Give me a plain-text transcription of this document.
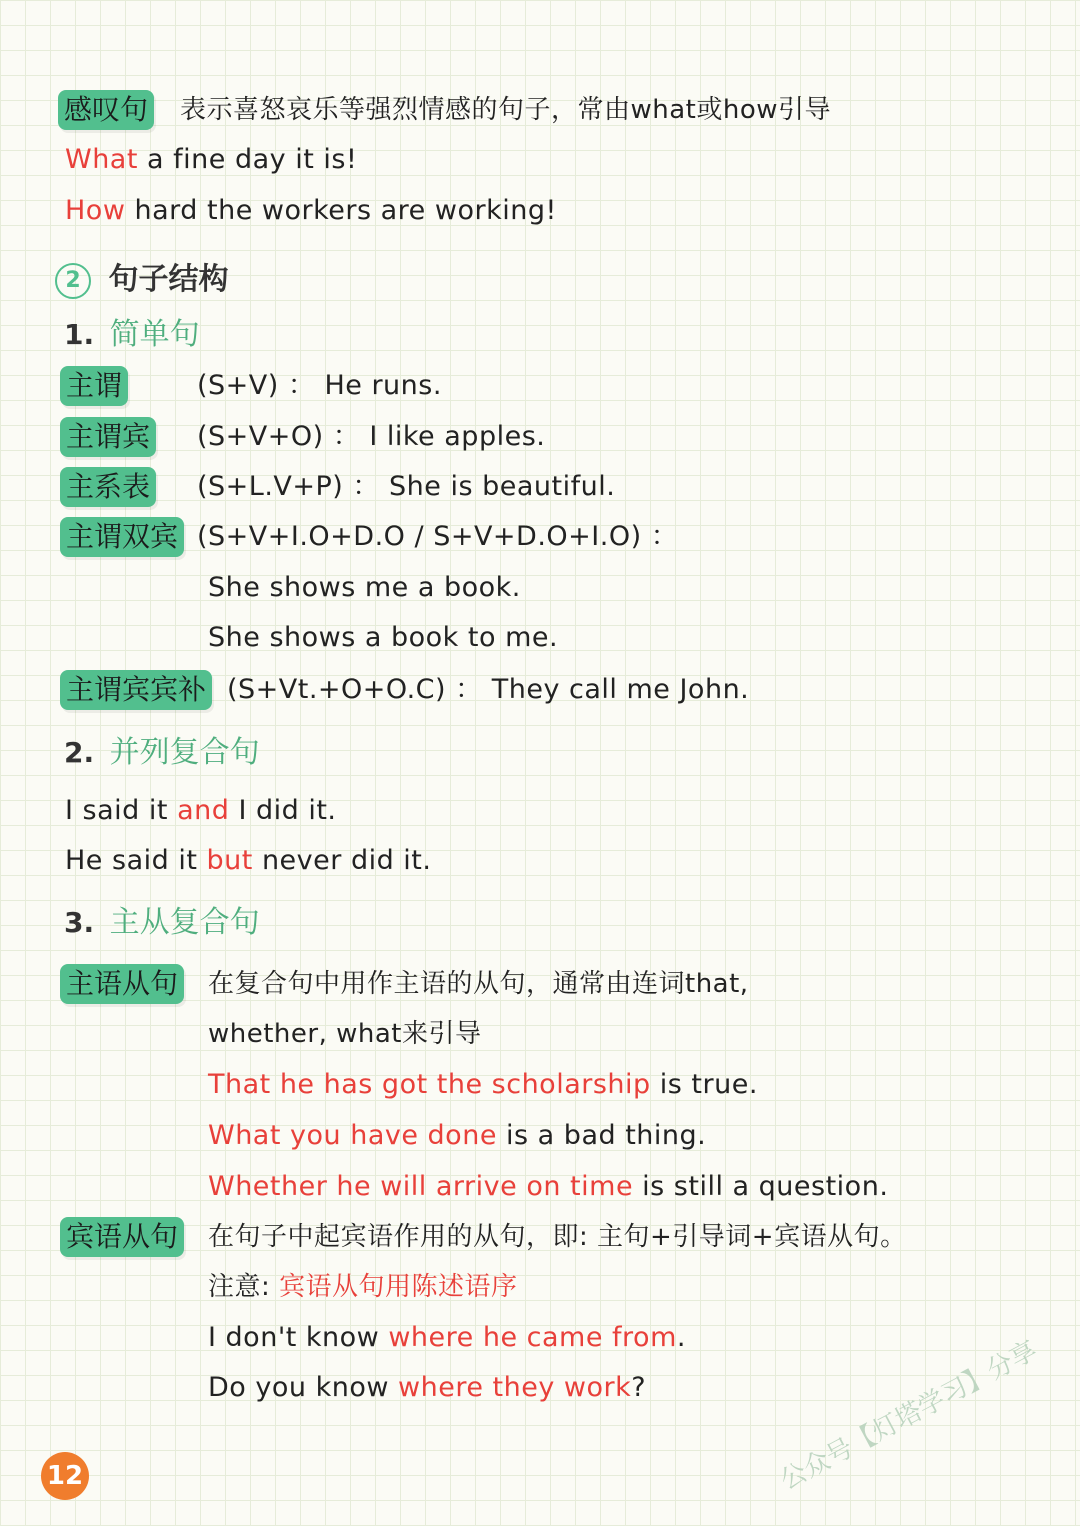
感叹句 表示喜怒哀乐等强烈情感的句子，常由what或how引导
What a fine day it is!
How hard the workers are working!
2 句子结构
1. 简单句
主谓	(S+V) ： He runs.
主谓宾 (S+V+O) ： I like apples.
主系表 (S+L.V+P) ： She is beautiful.
主谓双宾 (S+V+I.O+D.O / S+V+D.O+I.O) ：
She shows me a book.
She shows a book to me.
主谓宾宾补 (S+Vt.+O+O.C) ： They call me John.
2. 并列复合句
I said it and I did it.
He said it but never did it.
3. 主从复合句
主语从句 在复合句中用作主语的从句，通常由连词that,
whether, what来引导
That he has got the scholarship is true.
What you have done is a bad thing.
Whether he will arrive on time is still a question.
宾语从句 在句子中起宾语作用的从句，即: 主句+引导词+宾语从句。
注意: 宾语从句用陈述语序
I don't know where he came from.
Do you know where they work?
12	公众号【灯塔学习】分享
